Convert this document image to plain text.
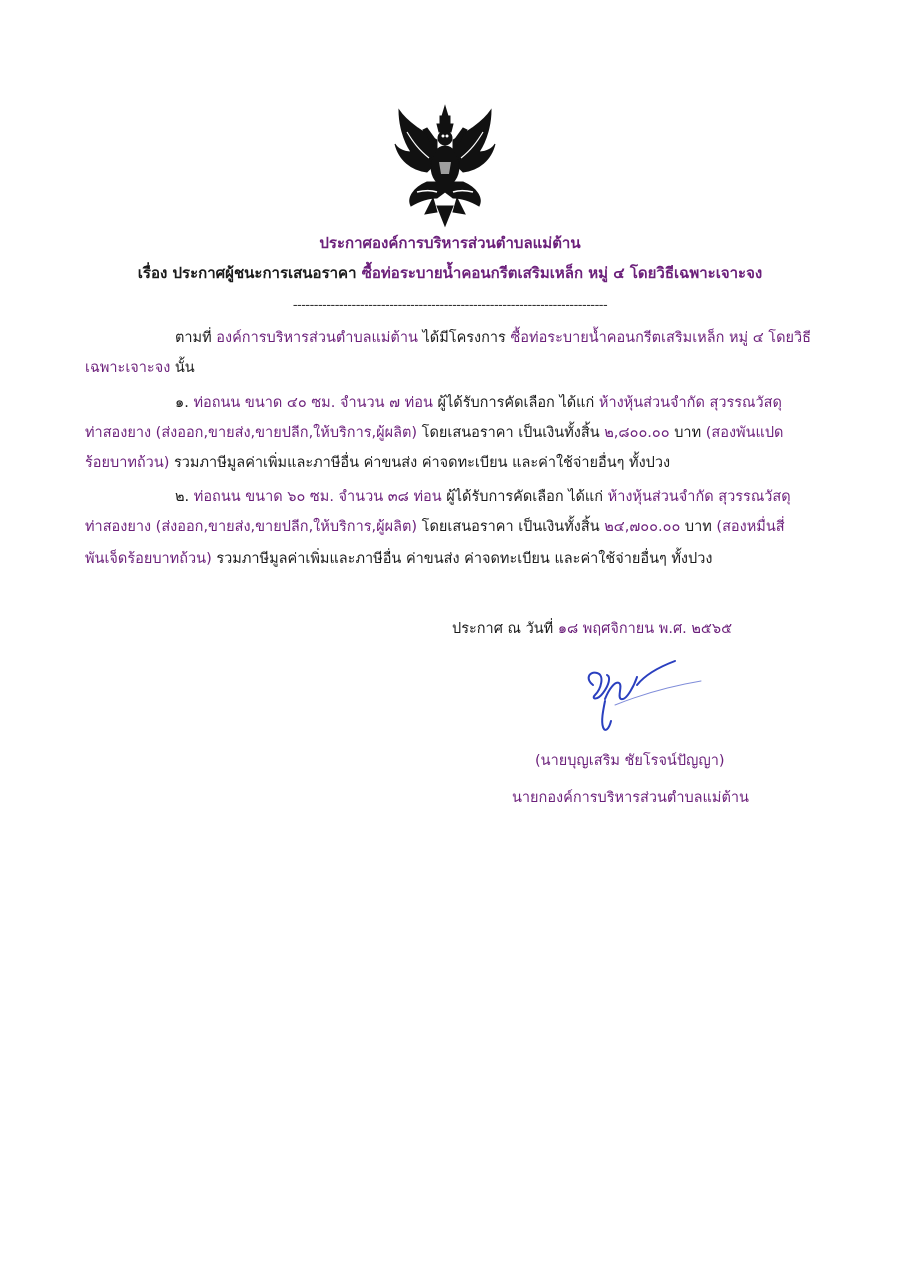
ประกาศองค์การบริหารส่วนตำบลแม่ต้าน
เรื่อง ประกาศผู้ชนะการเสนอราคา ซื้อท่อระบายน้ำคอนกรีตเสริมเหล็ก หมู่ ๔ โดยวิธีเฉพาะเจาะจง
---------------------------------------------------------------------------
ตามที่ องค์การบริหารส่วนตำบลแม่ต้าน ได้มีโครงการ ซื้อท่อระบายน้ำคอนกรีตเสริมเหล็ก หมู่ ๔ โดยวิธี
เฉพาะเจาะจง นั้น
๑. ท่อถนน ขนาด ๔๐ ซม. จำนวน ๗ ท่อน ผู้ได้รับการคัดเลือก ได้แก่ ห้างหุ้นส่วนจำกัด สุวรรณวัสดุ
ท่าสองยาง (ส่งออก,ขายส่ง,ขายปลีก,ให้บริการ,ผู้ผลิต) โดยเสนอราคา เป็นเงินทั้งสิ้น ๒,๘๐๐.๐๐ บาท (สองพันแปด
ร้อยบาทถ้วน) รวมภาษีมูลค่าเพิ่มและภาษีอื่น ค่าขนส่ง ค่าจดทะเบียน และค่าใช้จ่ายอื่นๆ ทั้งปวง
๒. ท่อถนน ขนาด ๖๐ ซม. จำนวน ๓๘ ท่อน ผู้ได้รับการคัดเลือก ได้แก่ ห้างหุ้นส่วนจำกัด สุวรรณวัสดุ
ท่าสองยาง (ส่งออก,ขายส่ง,ขายปลีก,ให้บริการ,ผู้ผลิต) โดยเสนอราคา เป็นเงินทั้งสิ้น ๒๔,๗๐๐.๐๐ บาท (สองหมื่นสี่
พันเจ็ดร้อยบาทถ้วน) รวมภาษีมูลค่าเพิ่มและภาษีอื่น ค่าขนส่ง ค่าจดทะเบียน และค่าใช้จ่ายอื่นๆ ทั้งปวง
ประกาศ ณ วันที่ ๑๘ พฤศจิกายน พ.ศ. ๒๕๖๕
(นายบุญเสริม ชัยโรจน์ปัญญา)
นายกองค์การบริหารส่วนตำบลแม่ต้าน
